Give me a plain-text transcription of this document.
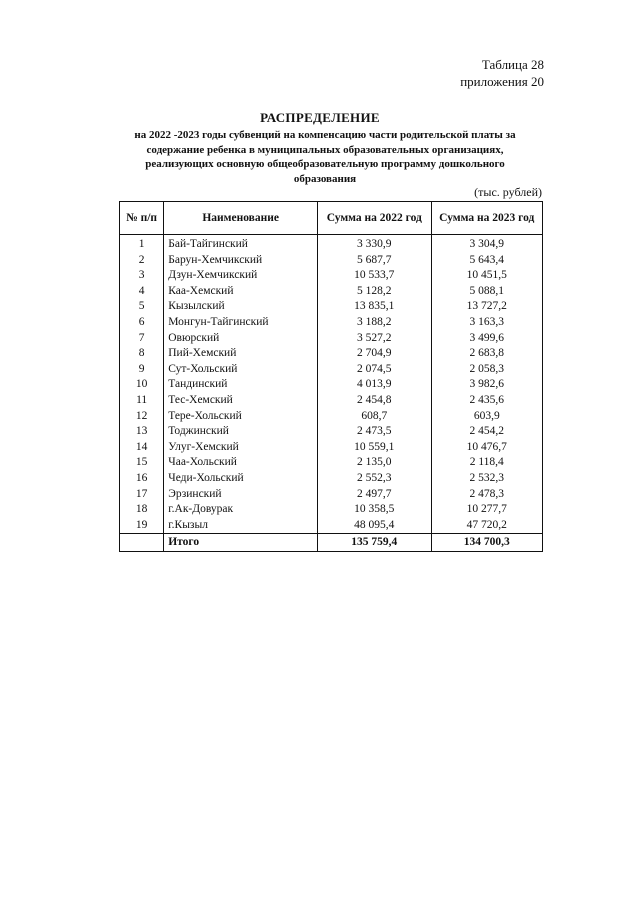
Таблица 28
приложения 20
РАСПРЕДЕЛЕНИЕ
на 2022 -2023 годы субвенций на компенсацию части родительской платы за
содержание ребенка в муниципальных образовательных организациях,
реализующих основную общеобразовательную программу дошкольного
образования
(тыс. рублей)
№ п/п	Наименование	Сумма на 2022 год	Сумма на 2023 год
1	Бай-Тайгинский	3 330,9	3 304,9
2	Барун-Хемчикский	5 687,7	5 643,4
3	Дзун-Хемчикский	10 533,7	10 451,5
4	Каа-Хемский	5 128,2	5 088,1
5	Кызылский	13 835,1	13 727,2
6	Монгун-Тайгинский	3 188,2	3 163,3
7	Овюрский	3 527,2	3 499,6
8	Пий-Хемский	2 704,9	2 683,8
9	Сут-Хольский	2 074,5	2 058,3
10	Тандинский	4 013,9	3 982,6
11	Тес-Хемский	2 454,8	2 435,6
12	Тере-Хольский	608,7	603,9
13	Тоджинский	2 473,5	2 454,2
14	Улуг-Хемский	10 559,1	10 476,7
15	Чаа-Хольский	2 135,0	2 118,4
16	Чеди-Хольский	2 552,3	2 532,3
17	Эрзинский	2 497,7	2 478,3
18	г.Ак-Довурак	10 358,5	10 277,7
19	г.Кызыл	48 095,4	47 720,2
	Итого	135 759,4	134 700,3
